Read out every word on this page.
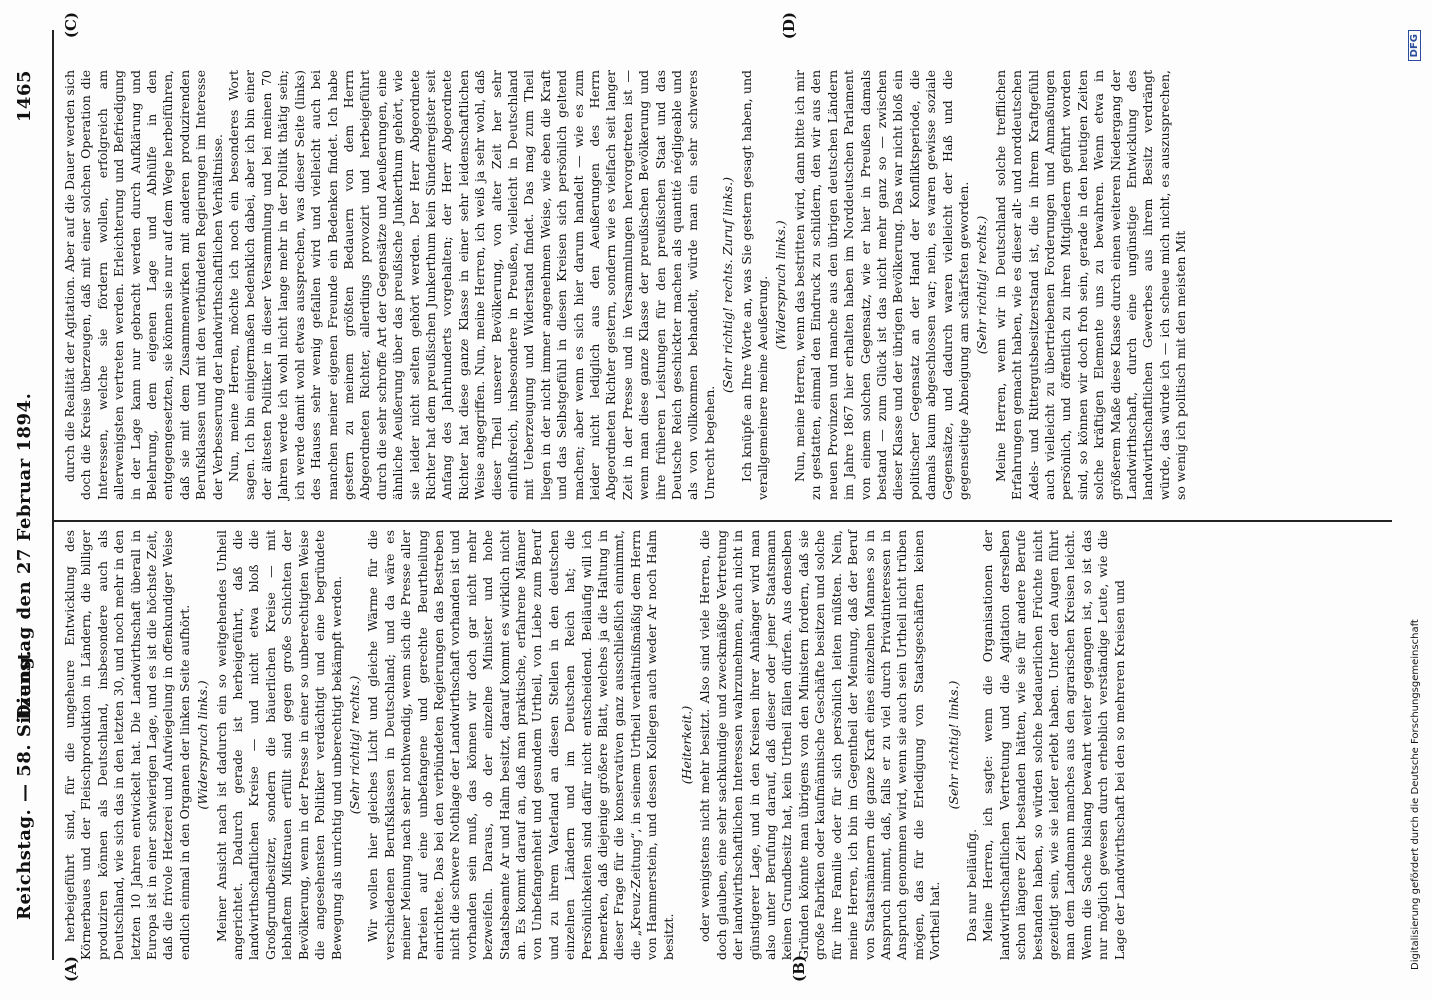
Reichstag. — 58. Sitzung.
Dienstag den 27 Februar 1894.
1465
(A)	(B)
(C)	(D)

herbeigeführt sind, für die ungeheure Entwicklung des Körnerbaues und der Fleischproduktion in Ländern, die billiger produziren können als Deutschland, insbesondere auch als Deutschland, wie sich das in den letzten 30, und noch mehr in den letzten 10 Jahren entwickelt hat. Die Landwirthschaft überall in Europa ist in einer schwierigen Lage, und es ist die höchste Zeit, daß die frivole Hetzerei und Aufwiegelung in offenkundiger Weise endlich einmal in den Organen der linken Seite aufhört. (Widerspruch links.) Meiner Ansicht nach ist dadurch ein so weitgehendes Unheil angerichtet. Dadurch gerade ist herbeigeführt, daß die landwirthschaftlichen Kreise — und nicht etwa bloß die Großgrundbesitzer, sondern die bäuerlichen Kreise — mit lebhaftem Mißtrauen erfüllt sind gegen große Schichten der Bevölkerung, wenn in der Presse in einer so unberechtigten Weise die angesehensten Politiker verdächtigt und eine begründete Bewegung als unrichtig und unberechtigt bekämpft werden. (Sehr richtig! rechts.) Wir wollen hier gleiches Licht und gleiche Wärme für die verschiedenen Berufsklassen in Deutschland; und da wäre es meiner Meinung nach sehr nothwendig, wenn sich die Presse aller Parteien auf eine unbefangene und gerechte Beurtheilung einrichtete. Das bei den verbündeten Regierungen das Bestreben nicht die schwere Nothlage der Landwirthschaft vorhanden ist und vorhanden sein muß, das können wir doch gar nicht mehr bezweifeln. Daraus, ob der einzelne Minister und hohe Staatsbeamte Ar und Halm besitzt, darauf kommt es wirklich nicht an. Es kommt darauf an, daß man praktische, erfahrene Männer von Unbefangenheit und gesundem Urtheil, von Liebe zum Beruf und zu ihrem Vaterland an diesen Stellen in den deutschen einzelnen Ländern und im Deutschen Reich hat; die Persönlichkeiten sind dafür nicht entscheidend. Beiläufig will ich bemerken, daß diejenige größere Blatt, welches ja die Haltung in dieser Frage für die konservativen ganz ausschließlich einnimmt, die „Kreuz-Zeitung“, in seinem Urtheil verhältnißmäßig dem Herrn von Hammerstein, und dessen Kollegen auch weder Ar noch Halm besitzt.

(Heiterkeit.) oder wenigstens nicht mehr besitzt. Also sind viele Herren, die doch glauben, eine sehr sachkundige und zweckmäßige Vertretung der landwirthschaftlichen Interessen wahrzunehmen, auch nicht in günstigerer Lage, und in den Kreisen ihrer Anhänger wird man also unter Berufung darauf, daß dieser oder jener Staatsmann keinen Grundbesitz hat, kein Urtheil fällen dürfen. Aus denselben Gründen könnte man übrigens von den Ministern fordern, daß sie große Fabriken oder kaufmännische Geschäfte besitzen und solche für ihre Familie oder für sich persönlich leiten müßten. Nein, meine Herren, ich bin im Gegentheil der Meinung, daß der Beruf von Staatsmännern die ganze Kraft eines einzelnen Mannes so in Anspruch nimmt, daß, falls er zu viel durch Privatinteressen in Anspruch genommen wird, wenn sie auch sein Urtheil nicht trüben mögen, das für die Erledigung von Staatsgeschäften keinen Vortheil hat.

(Sehr richtig! links.)

Das nur beiläufig. Meine Herren, ich sagte: wenn die Organisationen der landwirthschaftlichen Vertretung und die Agitation derselben schon längere Zeit bestanden hätten, wie sie für andere Berufe bestanden haben, so würden solche bedauerlichen Früchte nicht gezeitigt sein, wie sie leider erlebt haben. Unter den Augen führt man dem Landmann manches aus den agrarischen Kreisen leicht. Wenn die Sache bislang bewahrt weiter gegangen ist, so ist das nur möglich gewesen durch erheblich verständige Leute, wie die Lage der Landwirthschaft bei den so mehreren Kreisen und

durch die Realität der Agitation. Aber auf die Dauer werden sich doch die Kreise überzeugen, daß mit einer solchen Operation die Interessen, welche sie fördern wollen, erfolgreich am allerwenigsten vertreten werden. Erleichterung und Befriedigung in der Lage kann nur gebracht werden durch Aufklärung und Belehrung, dem eigenen Lage und Abhülfe in den entgegengesetzten, sie können sie nur auf dem Wege herbeiführen, daß sie mit dem Zusammenwirken mit anderen produzirenden Berufsklassen und mit den verbündeten Regierungen im Interesse der Verbesserung der landwirthschaftlichen Verhältnisse. Nun, meine Herren, möchte ich noch ein besonderes Wort sagen. Ich bin einigermaßen bedenklich dabei, aber ich bin einer der ältesten Politiker in dieser Versammlung und bei meinen 70 Jahren werde ich wohl nicht lange mehr in der Politik thätig sein; ich werde damit wohl etwas aussprechen, was dieser Seite (links) des Hauses sehr wenig gefallen wird und vielleicht auch bei manchen meiner eigenen Freunde ein Bedenken findet. Ich habe gestern zu meinem größten Bedauern von dem Herrn Abgeordneten Richter, allerdings provozirt und herbeigeführt durch die sehr schroffe Art der Gegensätze und Aeußerungen, eine ähnliche Aeußerung über das preußische Junkerthum gehört, wie sie leider nicht selten gehört werden. Der Herr Abgeordnete Richter hat dem preußischen Junkerthum kein Sündenregister seit Anfang des Jahrhunderts vorgehalten; der Herr Abgeordnete Richter hat diese ganze Klasse in einer sehr leidenschaftlichen Weise angegriffen. Nun, meine Herren, ich weiß ja sehr wohl, daß dieser Theil unserer Bevölkerung, von alter Zeit her sehr einflußreich, insbesondere in Preußen, vielleicht in Deutschland mit Ueberzeugung und Widerstand findet. Das mag zum Theil liegen in der nicht immer angenehmen Weise, wie eben die Kraft und das Selbstgefühl in diesen Kreisen sich persönlich geltend machen; aber wenn es sich hier darum handelt — wie es zum leider nicht lediglich aus den Aeußerungen des Herrn Abgeordneten Richter gestern, sondern wie es vielfach seit langer Zeit in der Presse und in Versammlungen hervorgetreten ist — wenn man diese ganze Klasse der preußischen Bevölkerung und ihre früheren Leistungen für den preußischen Staat und das Deutsche Reich geschickter machen als quantité négligeable und als von vollkommen behandelt, würde man ein sehr schweres Unrecht begehen.

(Sehr richtig! rechts. Zuruf links.) Ich knüpfe an Ihre Worte an, was Sie gestern gesagt haben, und verallgemeinere meine Aeußerung. (Widerspruch links.) Nun, meine Herren, wenn das bestritten wird, dann bitte ich mir zu gestatten, einmal den Eindruck zu schildern, den wir aus den neuen Provinzen und manche aus den übrigen deutschen Ländern im Jahre 1867 hier erhalten haben im Norddeutschen Parlament von einem solchen Gegensatz, wie er hier in Preußen damals bestand — zum Glück ist das nicht mehr ganz so — zwischen dieser Klasse und der übrigen Bevölkerung. Das war nicht bloß ein politischer Gegensatz an der Hand der Konfliktsperiode, die damals kaum abgeschlossen war; nein, es waren gewisse soziale Gegensätze, und dadurch waren vielleicht der Haß und die gegenseitige Abneigung am schärfsten geworden. (Sehr richtig! rechts.) Meine Herren, wenn wir in Deutschland solche trefflichen Erfahrungen gemacht haben, wie es dieser alt- und norddeutschen Adels- und Rittergutsbesitzerstand ist, die in ihrem Kraftgefühl auch vielleicht zu übertriebenen Forderungen und Anmaßungen persönlich, und öffentlich zu ihren Mitgliedern geführt worden sind, so können wir doch froh sein, gerade in den heutigen Zeiten solche kräftigen Elemente uns zu bewahren. Wenn etwa in größerem Maße diese Klasse durch einen weiteren Niedergang der Landwirthschaft, durch eine ungünstige Entwicklung des landwirthschaftlichen Gewerbes aus ihrem Besitz verdrängt würde, das würde ich — ich scheue mich nicht, es auszusprechen, so wenig ich politisch mit den meisten Mit

Digitalisierung gefördert durch die Deutsche Forschungsgemeinschaft
DFG
